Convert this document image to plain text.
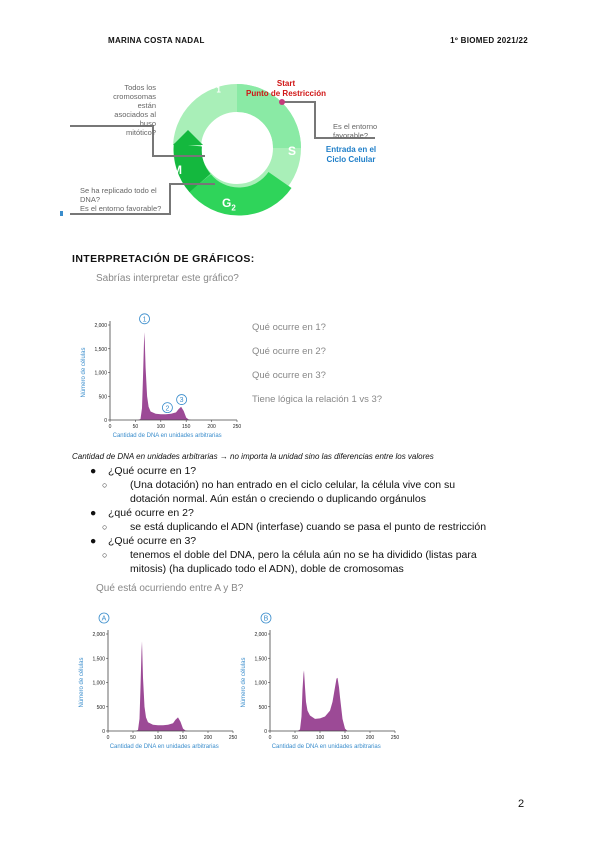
MARINA COSTA NADAL	1º BIOMED 2021/22
$G_1$
S
$G_2$
M
Start
Punto de Restricción
Todos los
cromosomas están
asociados al huso
mitótico?
Se ha replicado todo el
DNA?
Es el entorno favorable?
Es el entorno
favorable?
Entrada en el
Ciclo Celular
INTERPRETACIÓN DE GRÁFICOS:
Sabrías interpretar este gráfico?
0	50	100	150	200	250
0
500
1,000
1,500
2,000
Cantidad de DNA en unidades arbitrarias
Número de células
1
2
3
Qué ocurre en 1?
Qué ocurre en 2?
Qué ocurre en 3?
Tiene lógica la relación 1 vs 3?
Cantidad de DNA en unidades arbitrarias → no importa la unidad sino las diferencias entre los valores
● ¿Qué ocurre en 1?
○ (Una dotación) no han entrado en el ciclo celular, la célula vive con su
dotación normal. Aún están o creciendo o duplicando orgánulos
● ¿qué ocurre en 2?
○ se está duplicando el ADN (interfase) cuando se pasa el punto de restricción
● ¿Qué ocurre en 3?
○ tenemos el doble del DNA, pero la célula aún no se ha dividido (listas para
mitosis) (ha duplicado todo el ADN), doble de cromosomas
Qué está ocurriendo entre A y B?
0	50	100	150	200	250
0
500
1,000
1,500
2,000
Cantidad de DNA en unidades arbitrarias
Número de células
A
0	50	100	150	200	250
0
500
1,000
1,500
2,000
Cantidad de DNA en unidades arbitrarias
Número de células
B
2
